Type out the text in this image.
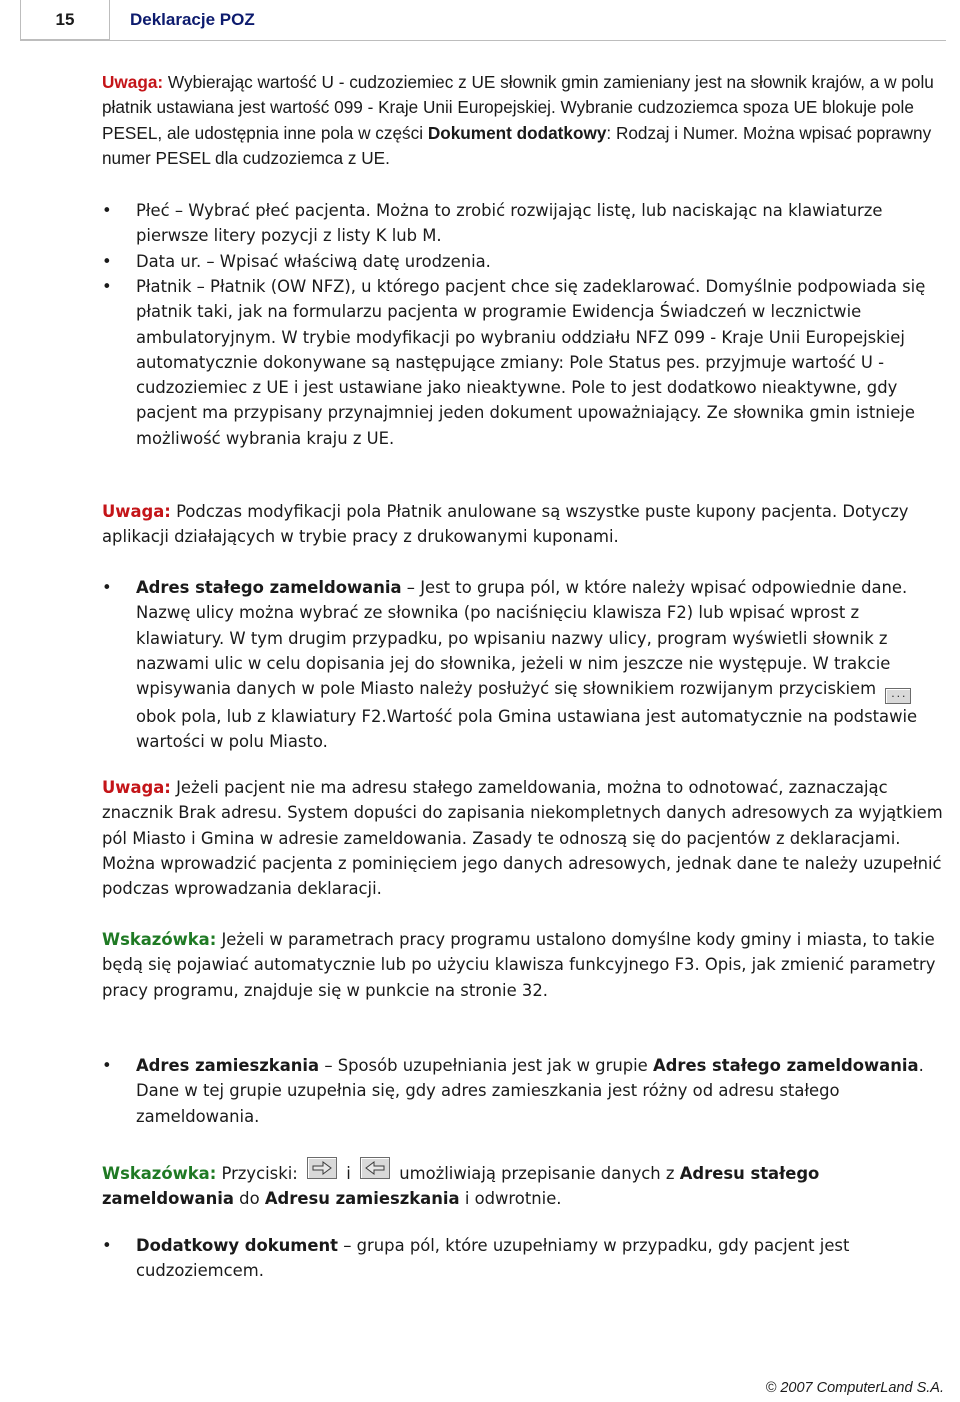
15	Deklaracje POZ
Uwaga: Wybierając wartość U - cudzoziemiec z UE słownik gmin zamieniany jest na słownik krajów, a w polu płatnik ustawiana jest wartość 099 - Kraje Unii Europejskiej. Wybranie cudzoziemca spoza UE blokuje pole PESEL, ale udostępnia inne pola w części Dokument dodatkowy: Rodzaj i Numer. Można wpisać poprawny numer PESEL dla cudzoziemca z UE.
• Płeć – Wybrać płeć pacjenta. Można to zrobić rozwijając listę, lub naciskając na klawiaturze pierwsze litery pozycji z listy K lub M.
• Data ur. – Wpisać właściwą datę urodzenia.
• Płatnik – Płatnik (OW NFZ), u którego pacjent chce się zadeklarować. Domyślnie podpowiada się płatnik taki, jak na formularzu pacjenta w programie Ewidencja Świadczeń w lecznictwie ambulatoryjnym. W trybie modyfikacji po wybraniu oddziału NFZ 099 - Kraje Unii Europejskiej automatycznie dokonywane są następujące zmiany: Pole Status pes. przyjmuje wartość U - cudzoziemiec z UE i jest ustawiane jako nieaktywne. Pole to jest dodatkowo nieaktywne, gdy pacjent ma przypisany przynajmniej jeden dokument upoważniający. Ze słownika gmin istnieje możliwość wybrania kraju z UE.
Uwaga: Podczas modyfikacji pola Płatnik anulowane są wszystke puste kupony pacjenta. Dotyczy aplikacji działających w trybie pracy z drukowanymi kuponami.
• Adres stałego zameldowania – Jest to grupa pól, w które należy wpisać odpowiednie dane. Nazwę ulicy można wybrać ze słownika (po naciśnięciu klawisza F2) lub wpisać wprost z klawiatury. W tym drugim przypadku, po wpisaniu nazwy ulicy, program wyświetli słownik z nazwami ulic w celu dopisania jej do słownika, jeżeli w nim jeszcze nie występuje. W trakcie wpisywania danych w pole Miasto należy posłużyć się słownikiem rozwijanym przyciskiem ... obok pola, lub z klawiatury F2.Wartość pola Gmina ustawiana jest automatycznie na podstawie wartości w polu Miasto.
Uwaga: Jeżeli pacjent nie ma adresu stałego zameldowania, można to odnotować, zaznaczając znacznik Brak adresu. System dopuści do zapisania niekompletnych danych adresowych za wyjątkiem pól Miasto i Gmina w adresie zameldowania. Zasady te odnoszą się do pacjentów z deklaracjami. Można wprowadzić pacjenta z pominięciem jego danych adresowych, jednak dane te należy uzupełnić podczas wprowadzania deklaracji.
Wskazówka: Jeżeli w parametrach pracy programu ustalono domyślne kody gminy i miasta, to takie będą się pojawiać automatycznie lub po użyciu klawisza funkcyjnego F3. Opis, jak zmienić parametry pracy programu, znajduje się w punkcie na stronie 32.
• Adres zamieszkania – Sposób uzupełniania jest jak w grupie Adres stałego zameldowania. Dane w tej grupie uzupełnia się, gdy adres zamieszkania jest różny od adresu stałego zameldowania.
Wskazówka: Przyciski:	i	umożliwiają przepisanie danych z Adresu stałego zameldowania do Adresu zamieszkania i odwrotnie.
• Dodatkowy dokument – grupa pól, które uzupełniamy w przypadku, gdy pacjent jest cudzoziemcem.
© 2007 ComputerLand S.A.
